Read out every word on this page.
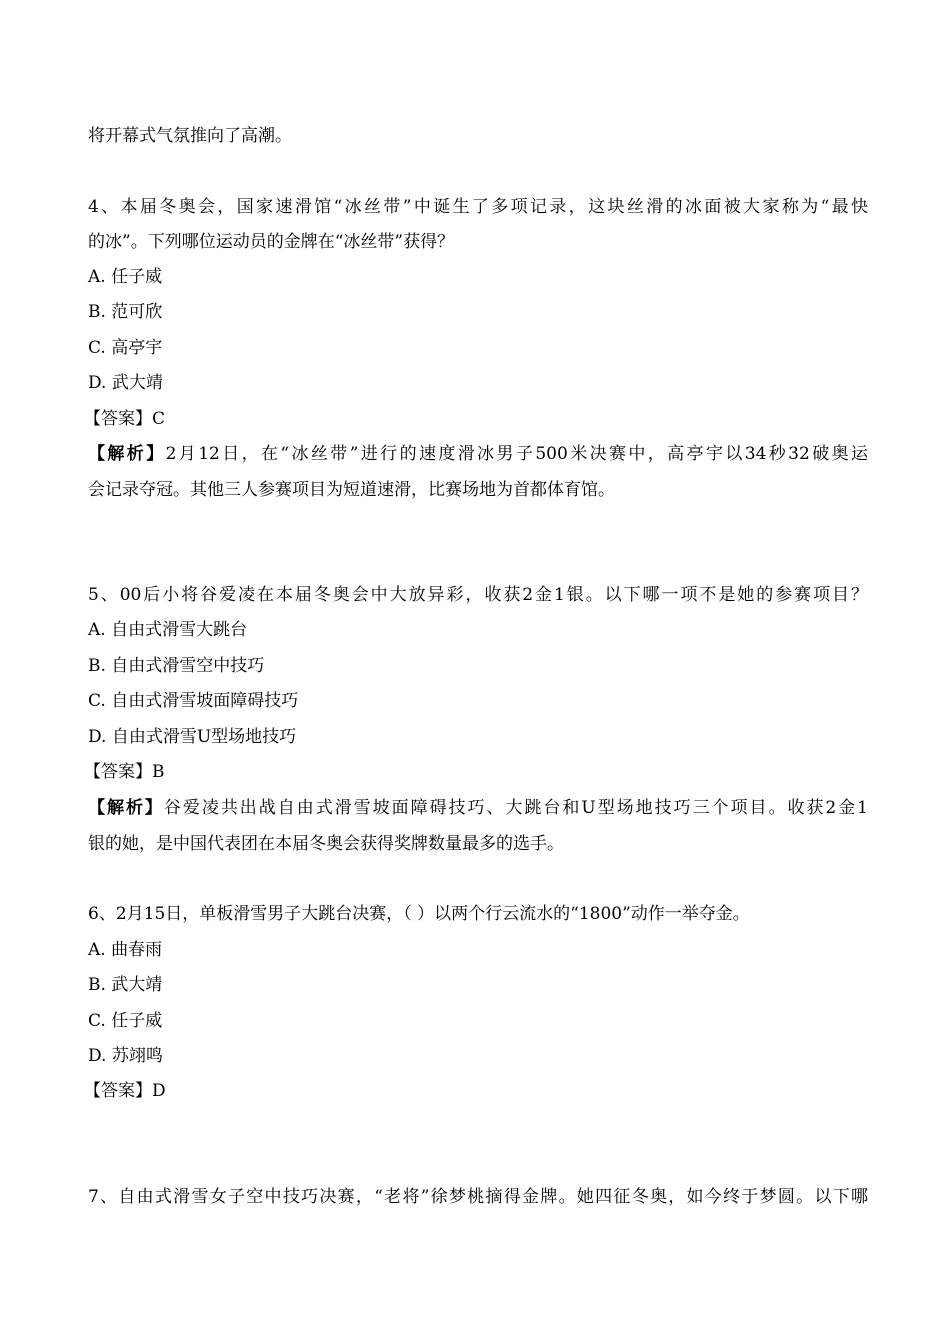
将开幕式气氛推向了高潮。
4、本届冬奥会，国家速滑馆“冰丝带”中诞生了多项记录，这块丝滑的冰面被大家称为“最快
的冰”。下列哪位运动员的金牌在“冰丝带”获得？
A. 任子威
B. 范可欣
C. 高亭宇
D. 武大靖
【答案】C
【解析】2月12日，在“冰丝带”进行的速度滑冰男子500米决赛中，高亭宇以34秒32破奥运
会记录夺冠。其他三人参赛项目为短道速滑，比赛场地为首都体育馆。
5、00后小将谷爱凌在本届冬奥会中大放异彩，收获2金1银。以下哪一项不是她的参赛项目？
A. 自由式滑雪大跳台
B. 自由式滑雪空中技巧
C. 自由式滑雪坡面障碍技巧
D. 自由式滑雪U型场地技巧
【答案】B
【解析】谷爱凌共出战自由式滑雪坡面障碍技巧、大跳台和U型场地技巧三个项目。收获2金1
银的她，是中国代表团在本届冬奥会获得奖牌数量最多的选手。
6、2月15日，单板滑雪男子大跳台决赛，（ ）以两个行云流水的“1800”动作一举夺金。
A. 曲春雨
B. 武大靖
C. 任子威
D. 苏翊鸣
【答案】D
7、自由式滑雪女子空中技巧决赛，“老将”徐梦桃摘得金牌。她四征冬奥，如今终于梦圆。以下哪
